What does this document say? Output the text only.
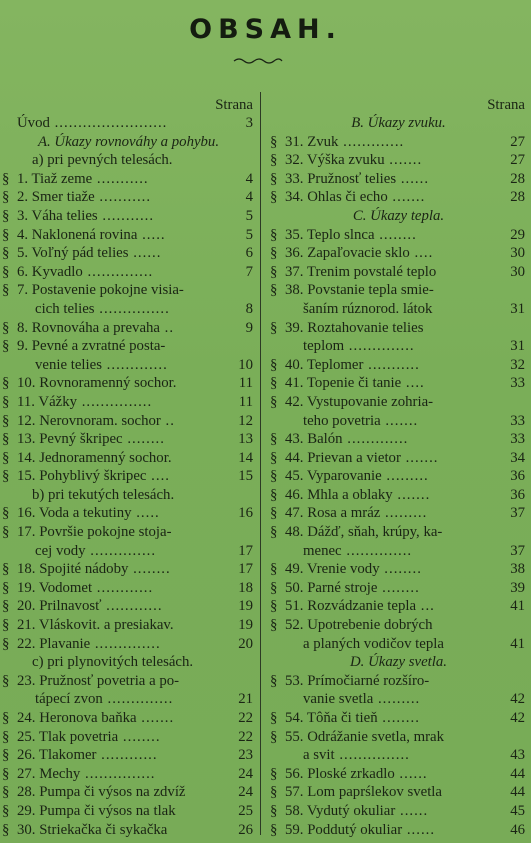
OBSAH.
Strana
Úvod ........................	3
A. Úkazy rovnováhy a pohybu.
a) pri pevných telesách.
§ 1. Tiaž zeme ...........	4
§ 2. Smer tiaže ...........	4
§ 3. Váha telies ...........	5
§ 4. Naklonená rovina .....	5
§ 5. Voľný pád telies ......	6
§ 6. Kyvadlo ..............	7
§ 7. Postavenie pokojne visia-
cich telies ...............	8
§ 8. Rovnováha a prevaha ..	9
§ 9. Pevné a zvratné posta-
venie telies .............	10
§ 10. Rovnoramenný sochor.	11
§ 11. Vážky ...............	11
§ 12. Nerovnoram. sochor ..	12
§ 13. Pevný škripec ........	13
§ 14. Jednoramenný sochor.	14
§ 15. Pohyblivý škripec ....	15
b) pri tekutých telesách.
§ 16. Voda a tekutiny .....	16
§ 17. Površie pokojne stoja-
cej vody ..............	17
§ 18. Spojité nádoby ........	17
§ 19. Vodomet ............	18
§ 20. Prilnavosť ............	19
§ 21. Vláskovit. a presiakav.	19
§ 22. Plavanie ..............	20
c) pri plynovitých telesách.
§ 23. Pružnosť povetria a po-
tápecí zvon ..............	21
§ 24. Heronova baňka .......	22
§ 25. Tlak povetria ........	22
§ 26. Tlakomer ............	23
§ 27. Mechy ...............	24
§ 28. Pumpa či výsos na zdvíž	24
§ 29. Pumpa či výsos na tlak	25
§ 30. Striekačka či sykačka	26
Strana
B. Úkazy zvuku.
§ 31. Zvuk .............	27
§ 32. Výška zvuku .......	27
§ 33. Pružnosť telies ......	28
§ 34. Ohlas či echo .......	28
C. Úkazy tepla.
§ 35. Teplo slnca ........	29
§ 36. Zapaľovacie sklo ....	30
§ 37. Trenim povstalé teplo	30
§ 38. Povstanie tepla smie-
šaním rúznorod. látok	31
§ 39. Roztahovanie telies
teplom ..............	31
§ 40. Teplomer ...........	32
§ 41. Topenie či tanie ....	33
§ 42. Vystupovanie zohria-
teho povetria .......	33
§ 43. Balón .............	33
§ 44. Prievan a vietor .......	34
§ 45. Vyparovanie .........	36
§ 46. Mhla a oblaky .......	36
§ 47. Rosa a mráz .........	37
§ 48. Dážď, sňah, krúpy, ka-
menec ..............	37
§ 49. Vrenie vody ........	38
§ 50. Parné stroje ........	39
§ 51. Rozvádzanie tepla ...	41
§ 52. Upotrebenie dobrých
a planých vodičov tepla	41
D. Úkazy svetla.
§ 53. Prímočiarné rozšíro-
vanie svetla .........	42
§ 54. Tôňa či tieň ........	42
§ 55. Odrážanie svetla, mrak
a svit ...............	43
§ 56. Ploské zrkadlo ......	44
§ 57. Lom paprślekov svetla	44
§ 58. Vydutý okuliar ......	45
§ 59. Poddutý okuliar ......	46
